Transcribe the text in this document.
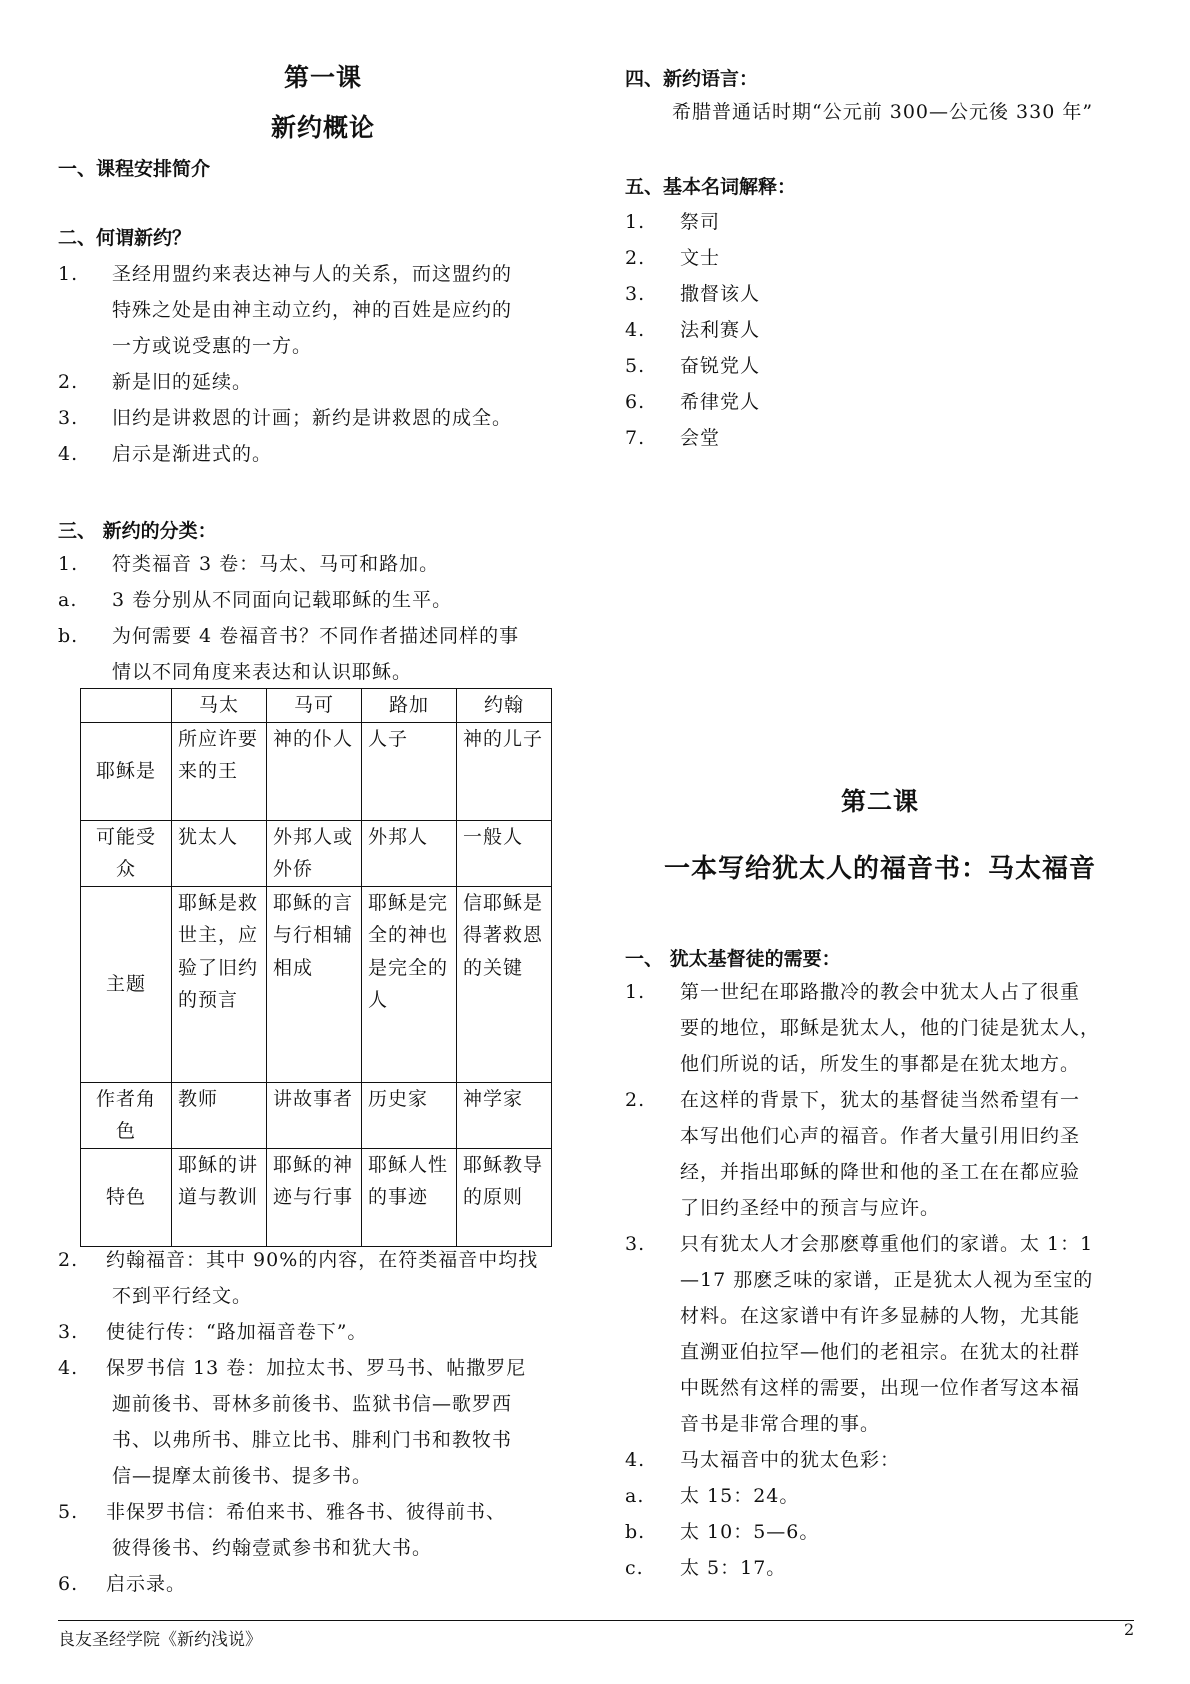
第一课
新约概论
一、课程安排简介
二、何谓新约？
1. 圣经用盟约来表达神与人的关系，而这盟约的
特殊之处是由神主动立约，神的百姓是应约的
一方或说受惠的一方。
2. 新是旧的延续。
3. 旧约是讲救恩的计画；新约是讲救恩的成全。
4. 启示是渐进式的。
三、 新约的分类：
1. 符类福音 3 卷：马太、马可和路加。
a. 3 卷分别从不同面向记载耶稣的生平。
b. 为何需要 4 卷福音书？不同作者描述同样的事
情以不同角度来表达和认识耶稣。
	马太	马可	路加	约翰
耶稣是	所应许要来的王	神的仆人	人子	神的儿子
可能受众	犹太人	外邦人或外侨	外邦人	一般人
主题	耶稣是救世主，应验了旧约的预言	耶稣的言与行相辅相成	耶稣是完全的神也是完全的人	信耶稣是得著救恩的关键
作者角色	教师	讲故事者	历史家	神学家
特色	耶稣的讲道与教训	耶稣的神迹与行事	耶稣人性的事迹	耶稣教导的原则
2. 约翰福音：其中 90%的内容，在符类福音中均找
不到平行经文。
3. 使徒行传：“路加福音卷下”。
4. 保罗书信 13 卷：加拉太书、罗马书、帖撒罗尼
迦前後书、哥林多前後书、监狱书信—歌罗西
书、以弗所书、腓立比书、腓利门书和教牧书
信—提摩太前後书、提多书。
5. 非保罗书信：希伯来书、雅各书、彼得前书、
彼得後书、约翰壹贰参书和犹大书。
6. 启示录。
四、新约语言：
希腊普通话时期“公元前 300—公元後 330 年”
五、基本名词解释：
1. 祭司
2. 文士
3. 撒督该人
4. 法利赛人
5. 奋锐党人
6. 希律党人
7. 会堂
第二课
一本写给犹太人的福音书：马太福音
一、 犹太基督徒的需要：
1. 第一世纪在耶路撒冷的教会中犹太人占了很重
要的地位，耶稣是犹太人，他的门徒是犹太人，
他们所说的话，所发生的事都是在犹太地方。
2. 在这样的背景下，犹太的基督徒当然希望有一
本写出他们心声的福音。作者大量引用旧约圣
经，并指出耶稣的降世和他的圣工在在都应验
了旧约圣经中的预言与应许。
3. 只有犹太人才会那麽尊重他们的家谱。太 1：1
—17 那麽乏味的家谱，正是犹太人视为至宝的
材料。在这家谱中有许多显赫的人物，尤其能
直溯亚伯拉罕—他们的老祖宗。在犹太的社群
中既然有这样的需要，出现一位作者写这本福
音书是非常合理的事。
4. 马太福音中的犹太色彩：
a. 太 15：24。
b. 太 10：5—6。
c. 太 5：17。
良友圣经学院《新约浅说》
2
